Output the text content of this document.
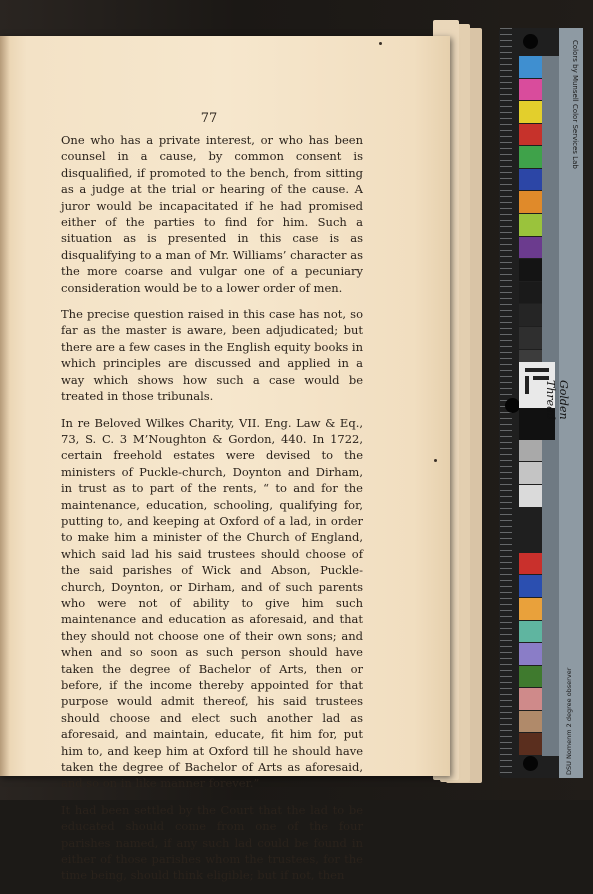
77

One who has a private interest, or who has been counsel in a cause, by common consent is disqualified, if promoted to the bench, from sitting as a judge at the trial or hearing of the cause. A juror would be incapacitated if he had promised either of the parties to find for him. Such a situation as is presented in this case is as disqualifying to a man of Mr. Williams’ character as the more coarse and vulgar one of a pecuniary consideration would be to a lower order of men.

The precise question raised in this case has not, so far as the master is aware, been adjudicated; but there are a few cases in the English equity books in which principles are discussed and applied in a way which shows how such a case would be treated in those tribunals.

In re Beloved Wilkes Charity, VII. Eng. Law & Eq., 73, S. C. 3 M’Noughton & Gordon, 440. In 1722, certain freehold estates were devised to the ministers of Puckle-church, Doynton and Dirham, in trust as to part of the rents, “ to and for the maintenance, education, schooling, qualifying for, putting to, and keeping at Oxford of a lad, in order to make him a minister of the Church of England, which said lad his said trustees should choose of the said parishes of Wick and Abson, Puckle-church, Doynton, or Dirham, and of such parents who were not of ability to give him such maintenance and education as aforesaid, and that they should not choose one of their own sons; and when and so soon as such person should have taken the degree of Bachelor of Arts, then or before, if the income thereby appointed for that purpose would admit thereof, his said trustees should choose and elect such another lad as aforesaid, and maintain, educate, fit him for, put him to, and keep him at Oxford till he should have taken the degree of Bachelor of Arts as aforesaid, and so on in like manner forever.”

It had been settled by the Court that the lad to be educated should come from one of the four parishes named, if any such lad could be found in either of those parishes whom the trustees, for the time being, should think eligible; but if not, then

Golden Thread
Colors by Munsell Color Services Lab
DSU Nomenm 2 degree observer
